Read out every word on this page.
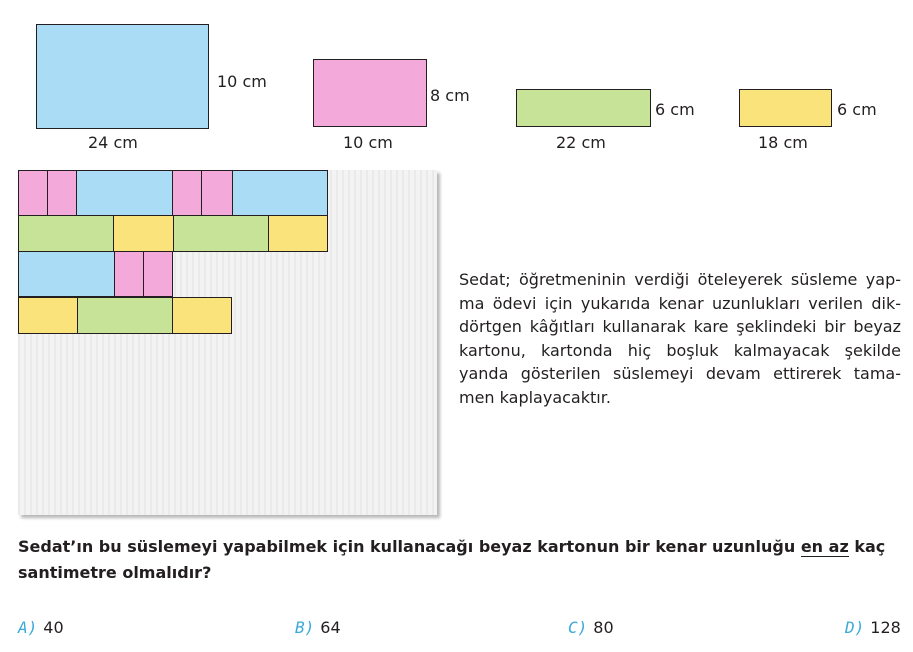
10 cm
24 cm
8 cm
10 cm
6 cm
22 cm
6 cm
18 cm
Sedat; öğretmeninin verdiği öteleyerek süsleme yap-
ma ödevi için yukarıda kenar uzunlukları verilen dik-
dörtgen kâğıtları kullanarak kare şeklindeki bir beyaz
kartonu, kartonda hiç boşluk kalmayacak şekilde
yanda gösterilen süslemeyi devam ettirerek tama-
men kaplayacaktır.
Sedat’ın bu süslemeyi yapabilmek için kullanacağı beyaz kartonun bir kenar uzunluğu en az kaç santimetre olmalıdır?
A) 40	B) 64	C) 80	D) 128
